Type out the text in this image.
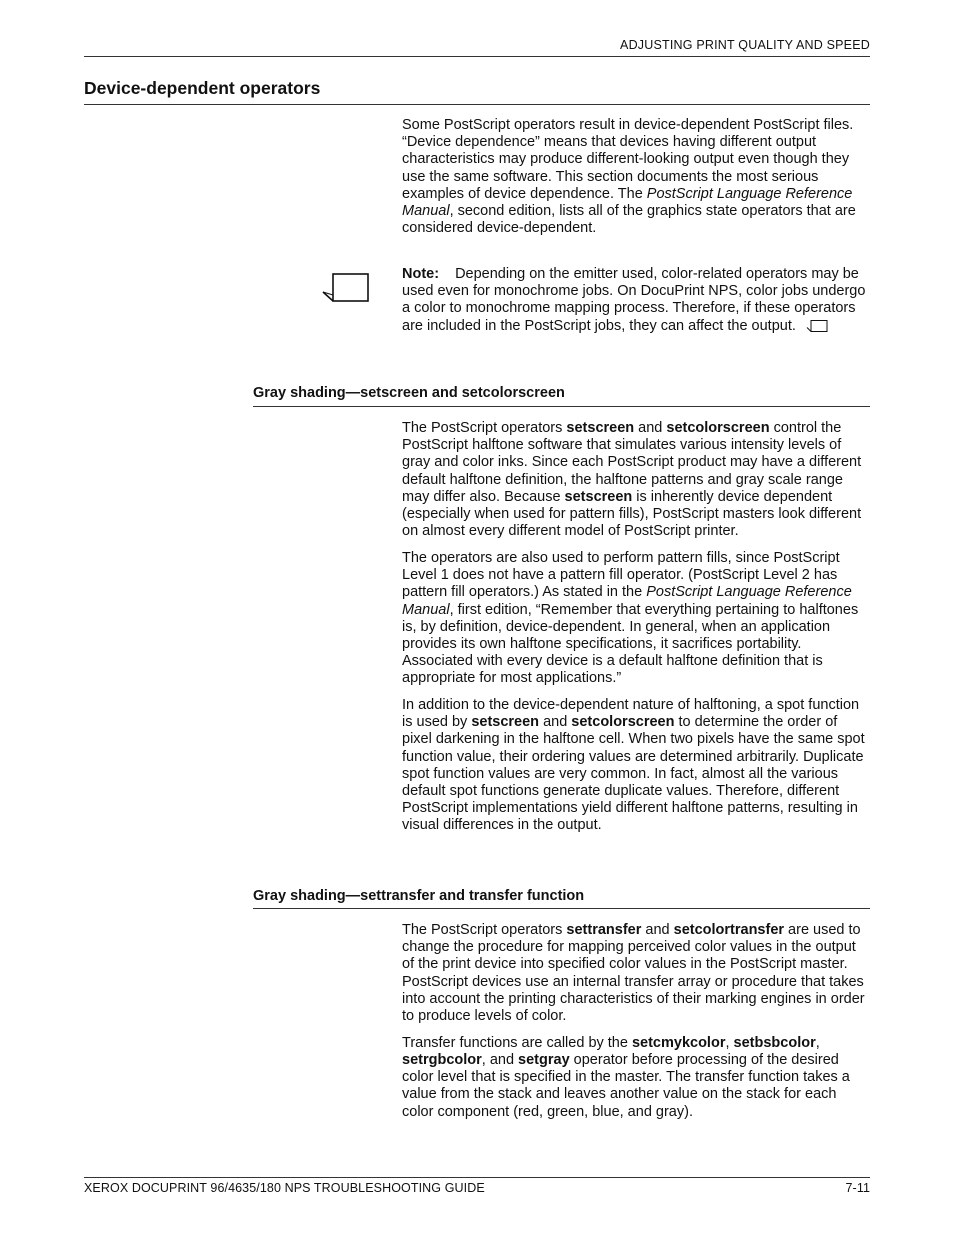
ADJUSTING PRINT QUALITY AND SPEED
Device-dependent operators

Some PostScript operators result in device-dependent PostScript files. “Device dependence” means that devices having different output characteristics may produce different-looking output even though they use the same software. This section documents the most serious examples of device dependence. The PostScript Language Reference Manual, second edition, lists all of the graphics state operators that are considered device-dependent.

Note: Depending on the emitter used, color-related operators may be used even for monochrome jobs. On DocuPrint NPS, color jobs undergo a color to monochrome mapping process. Therefore, if these operators are included in the PostScript jobs, they can affect the output.

Gray shading—setscreen and setcolorscreen

The PostScript operators setscreen and setcolorscreen control the PostScript halftone software that simulates various intensity levels of gray and color inks. Since each PostScript product may have a different default halftone definition, the halftone patterns and gray scale range may differ also. Because setscreen is inherently device dependent (especially when used for pattern fills), PostScript masters look different on almost every different model of PostScript printer.

The operators are also used to perform pattern fills, since PostScript Level 1 does not have a pattern fill operator. (PostScript Level 2 has pattern fill operators.) As stated in the PostScript Language Reference Manual, first edition, “Remember that everything pertaining to halftones is, by definition, device-dependent. In general, when an application provides its own halftone specifications, it sacrifices portability. Associated with every device is a default halftone definition that is appropriate for most applications.”

In addition to the device-dependent nature of halftoning, a spot function is used by setscreen and setcolorscreen to determine the order of pixel darkening in the halftone cell. When two pixels have the same spot function value, their ordering values are determined arbitrarily. Duplicate spot function values are very common. In fact, almost all the various default spot functions generate duplicate values. Therefore, different PostScript implementations yield different halftone patterns, resulting in visual differences in the output.

Gray shading—settransfer and transfer function

The PostScript operators settransfer and setcolortransfer are used to change the procedure for mapping perceived color values in the output of the print device into specified color values in the PostScript master. PostScript devices use an internal transfer array or procedure that takes into account the printing characteristics of their marking engines in order to produce levels of color.

Transfer functions are called by the setcmykcolor, setbsbcolor, setrgbcolor, and setgray operator before processing of the desired color level that is specified in the master. The transfer function takes a value from the stack and leaves another value on the stack for each color component (red, green, blue, and gray).

XEROX DOCUPRINT 96/4635/180 NPS TROUBLESHOOTING GUIDE	7-11
